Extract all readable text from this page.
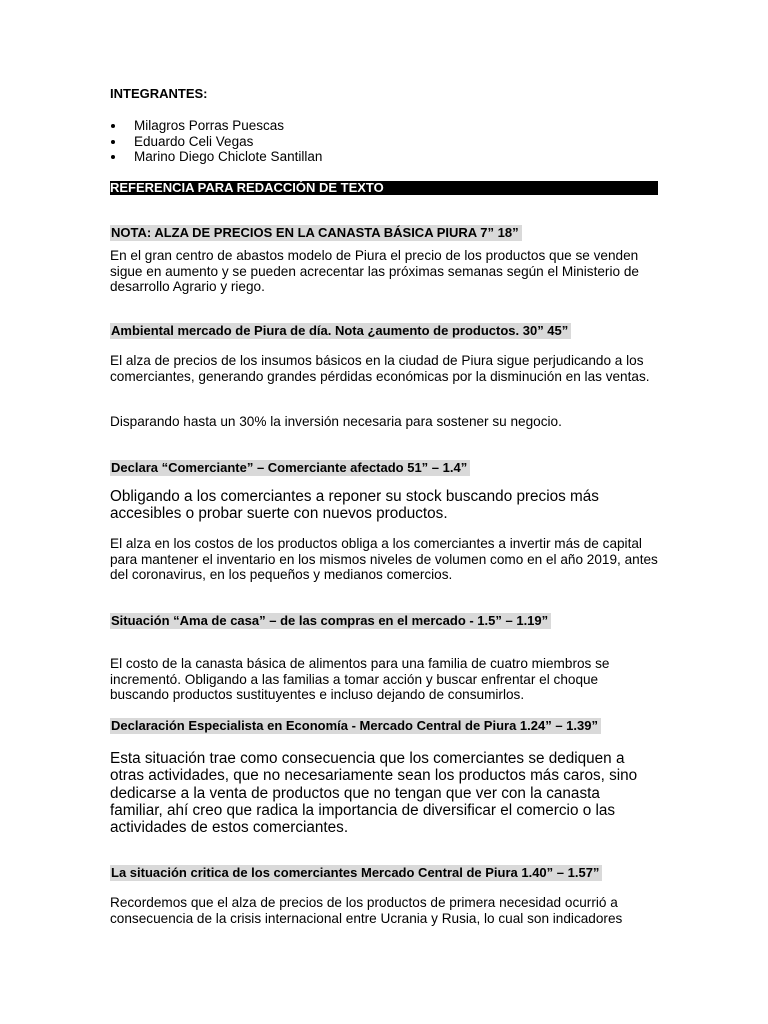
INTEGRANTES:

Milagros Porras Puescas
Eduardo Celi Vegas
Marino Diego Chiclote Santillan
REFERENCIA PARA REDACCIÓN DE TEXTO
NOTA: ALZA DE PRECIOS EN LA CANASTA BÁSICA PIURA 7” 18”

En el gran centro de abastos modelo de Piura el precio de los productos que se venden sigue en aumento y se pueden acrecentar las próximas semanas según el Ministerio de desarrollo Agrario y riego.

Ambiental mercado de Piura de día. Nota ¿aumento de productos. 30” 45”

El alza de precios de los insumos básicos en la ciudad de Piura sigue perjudicando a los comerciantes, generando grandes pérdidas económicas por la disminución en las ventas.

Disparando hasta un 30% la inversión necesaria para sostener su negocio.

Declara “Comerciante” – Comerciante afectado 51” – 1.4”

Obligando a los comerciantes a reponer su stock buscando precios más accesibles o probar suerte con nuevos productos.

El alza en los costos de los productos obliga a los comerciantes a invertir más de capital para mantener el inventario en los mismos niveles de volumen como en el año 2019, antes del coronavirus, en los pequeños y medianos comercios.

Situación “Ama de casa” – de las compras en el mercado - 1.5” – 1.19”

El costo de la canasta básica de alimentos para una familia de cuatro miembros se incrementó. Obligando a las familias a tomar acción y buscar enfrentar el choque buscando productos sustituyentes e incluso dejando de consumirlos.

Declaración Especialista en Economía - Mercado Central de Piura 1.24” – 1.39”

Esta situación trae como consecuencia que los comerciantes se dediquen a otras actividades, que no necesariamente sean los productos más caros, sino dedicarse a la venta de productos que no tengan que ver con la canasta familiar, ahí creo que radica la importancia de diversificar el comercio o las actividades de estos comerciantes.

La situación critica de los comerciantes Mercado Central de Piura 1.40” – 1.57”

Recordemos que el alza de precios de los productos de primera necesidad ocurrió a consecuencia de la crisis internacional entre Ucrania y Rusia, lo cual son indicadores
